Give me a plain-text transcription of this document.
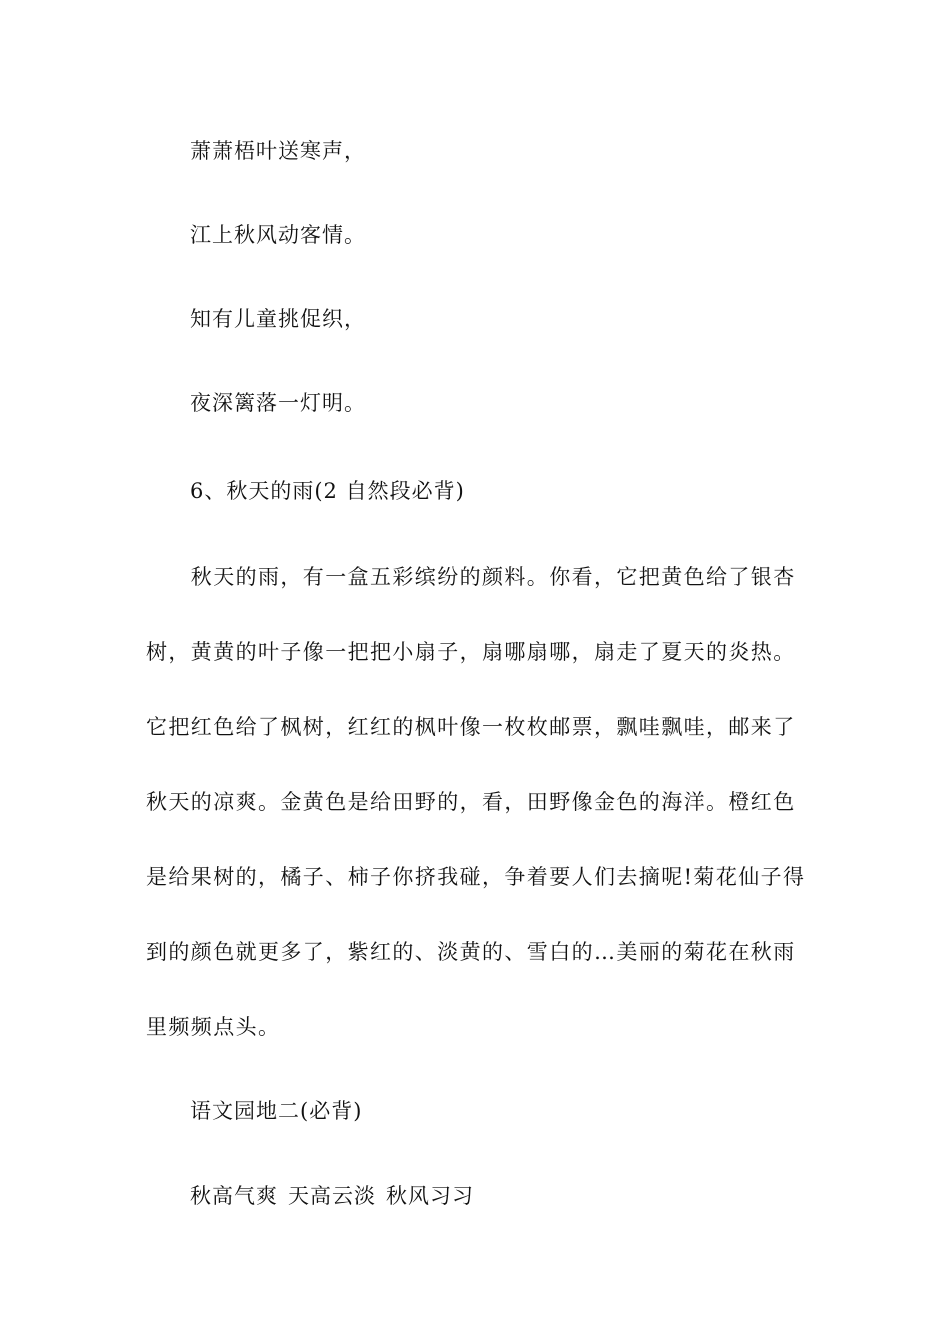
萧萧梧叶送寒声，
江上秋风动客情。
知有儿童挑促织，
夜深篱落一灯明。
6、秋天的雨(2 自然段必背)
　　秋天的雨，有一盒五彩缤纷的颜料。你看，它把黄色给了银杏
树，黄黄的叶子像一把把小扇子，扇哪扇哪，扇走了夏天的炎热。
它把红色给了枫树，红红的枫叶像一枚枚邮票，飘哇飘哇，邮来了
秋天的凉爽。金黄色是给田野的，看，田野像金色的海洋。橙红色
是给果树的，橘子、柿子你挤我碰，争着要人们去摘呢!菊花仙子得
到的颜色就更多了，紫红的、淡黄的、雪白的…美丽的菊花在秋雨
里频频点头。
语文园地二(必背)
秋高气爽 天高云淡 秋风习习
